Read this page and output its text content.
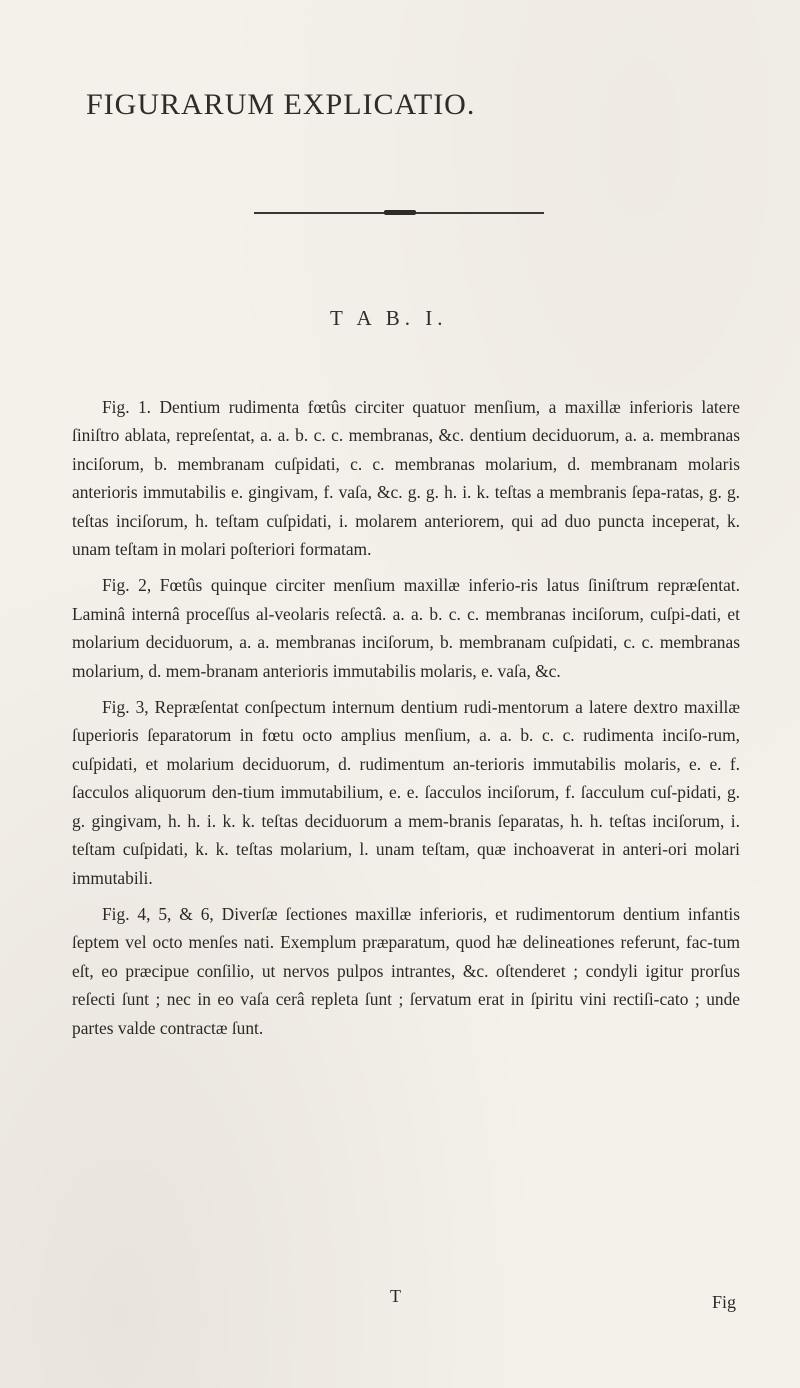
FIGURARUM EXPLICATIO.
T A B. I.

Fig. 1. Dentium rudimenta fœtûs circiter quatuor menſium, a maxillæ inferioris latere ſiniſtro ablata, repreſentat, a. a. b. c. c. membranas, &c. dentium deciduorum, a. a. membranas inciſorum, b. membranam cuſpidati, c. c. membranas molarium, d. membranam molaris anterioris immutabilis e. gingivam, f. vaſa, &c. g. g. h. i. k. teſtas a membranis ſepa-ratas, g. g. teſtas inciſorum, h. teſtam cuſpidati, i. molarem anteriorem, qui ad duo puncta inceperat, k. unam teſtam in molari poſteriori formatam.

Fig. 2, Fœtûs quinque circiter menſium maxillæ inferio-ris latus ſiniſtrum repræſentat. Laminâ internâ proceſſus al-veolaris reſectâ. a. a. b. c. c. membranas inciſorum, cuſpi-dati, et molarium deciduorum, a. a. membranas inciſorum, b. membranam cuſpidati, c. c. membranas molarium, d. mem-branam anterioris immutabilis molaris, e. vaſa, &c.

Fig. 3, Repræſentat conſpectum internum dentium rudi-mentorum a latere dextro maxillæ ſuperioris ſeparatorum in fœtu octo amplius menſium, a. a. b. c. c. rudimenta inciſo-rum, cuſpidati, et molarium deciduorum, d. rudimentum an-terioris immutabilis molaris, e. e. f. ſacculos aliquorum den-tium immutabilium, e. e. ſacculos inciſorum, f. ſacculum cuſ-pidati, g. g. gingivam, h. h. i. k. k. teſtas deciduorum a mem-branis ſeparatas, h. h. teſtas inciſorum, i. teſtam cuſpidati, k. k. teſtas molarium, l. unam teſtam, quæ inchoaverat in anteri-ori molari immutabili.

Fig. 4, 5, & 6, Diverſæ ſectiones maxillæ inferioris, et rudimentorum dentium infantis ſeptem vel octo menſes nati. Exemplum præparatum, quod hæ delineationes referunt, fac-tum eſt, eo præcipue conſilio, ut nervos pulpos intrantes, &c. oſtenderet ; condyli igitur prorſus reſecti ſunt ; nec in eo vaſa cerâ repleta ſunt ; ſervatum erat in ſpiritu vini rectiſi-cato ; unde partes valde contractæ ſunt.

T	Fig
